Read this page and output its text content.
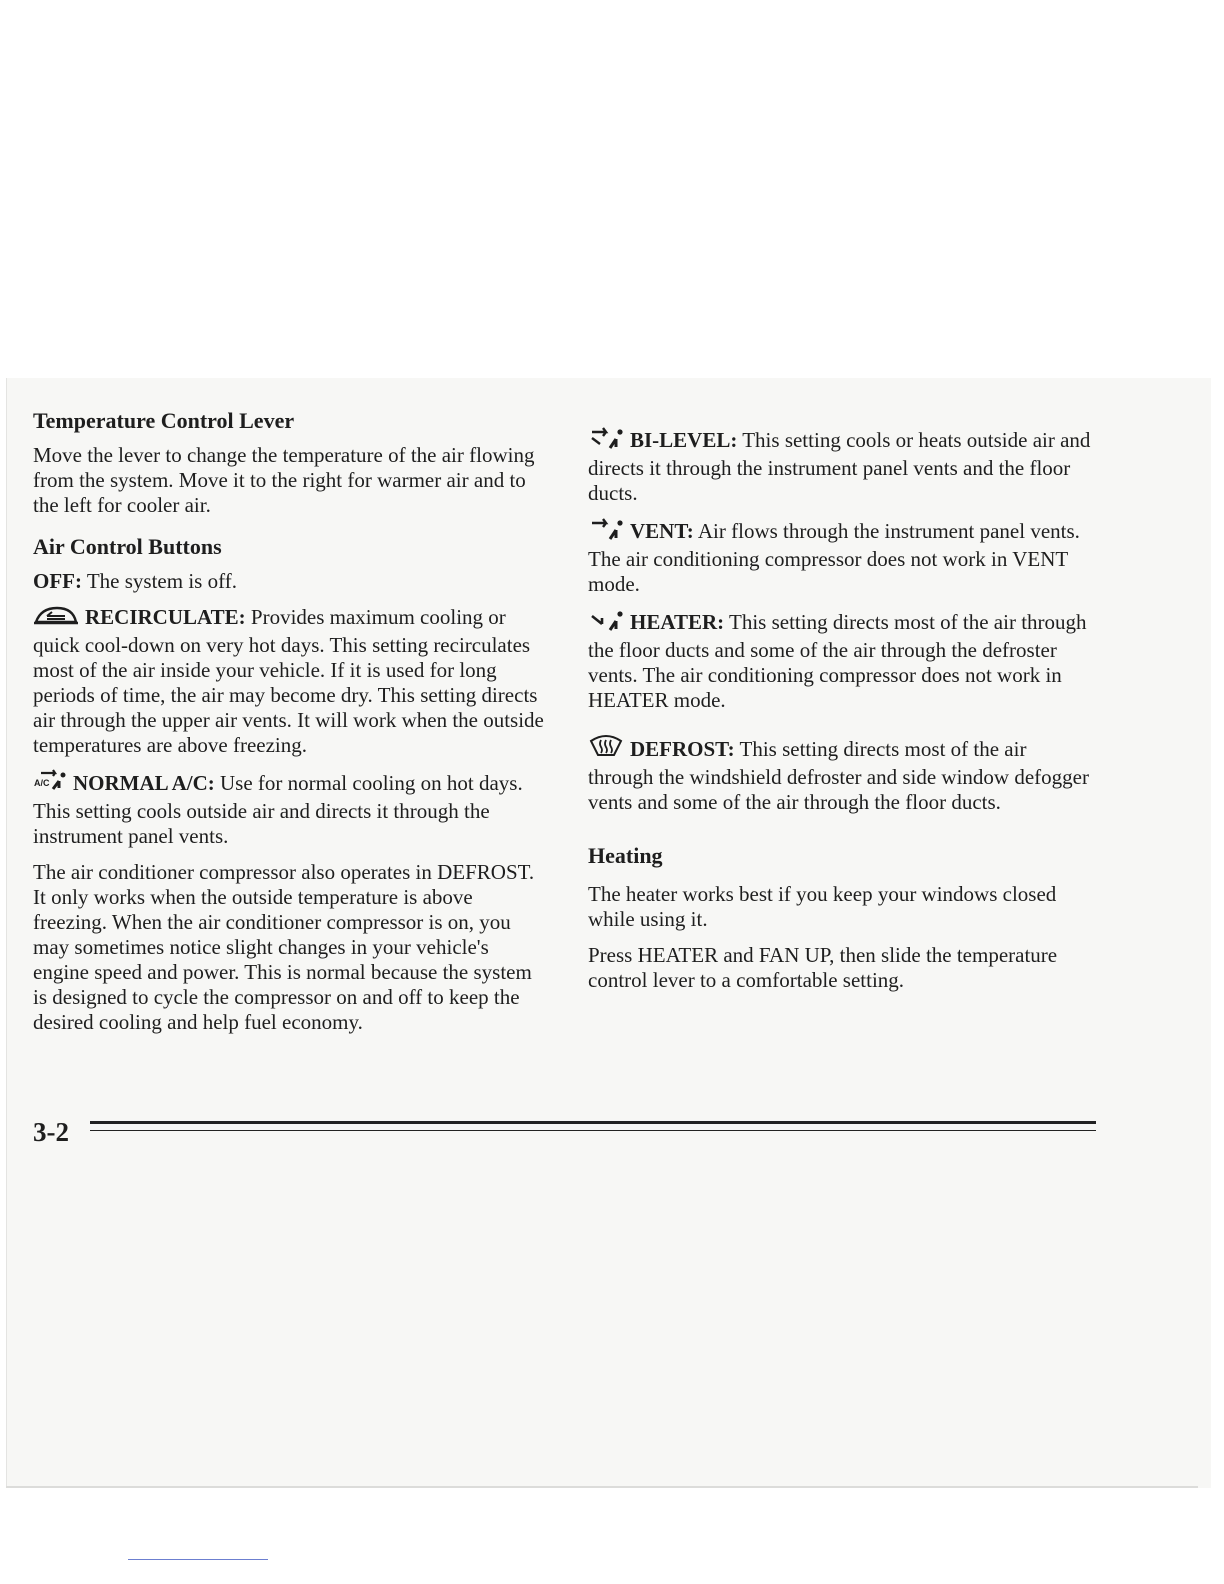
Temperature Control Lever

Move the lever to change the temperature of the air flowing from the system. Move it to the right for warmer air and to the left for cooler air.

Air Control Buttons

OFF: The system is off.

RECIRCULATE: Provides maximum cooling or quick cool-down on very hot days. This setting recirculates most of the air inside your vehicle. If it is used for long periods of time, the air may become dry. This setting directs air through the upper air vents. It will work when the outside temperatures are above freezing.

A/C NORMAL A/C: Use for normal cooling on hot days. This setting cools outside air and directs it through the instrument panel vents.

The air conditioner compressor also operates in DEFROST. It only works when the outside temperature is above freezing. When the air conditioner compressor is on, you may sometimes notice slight changes in your vehicle's engine speed and power. This is normal because the system is designed to cycle the compressor on and off to keep the desired cooling and help fuel economy.

BI-LEVEL: This setting cools or heats outside air and directs it through the instrument panel vents and the floor ducts.

VENT: Air flows through the instrument panel vents. The air conditioning compressor does not work in VENT mode.

HEATER: This setting directs most of the air through the floor ducts and some of the air through the defroster vents. The air conditioning compressor does not work in HEATER mode.

DEFROST: This setting directs most of the air through the windshield defroster and side window defogger vents and some of the air through the floor ducts.

Heating

The heater works best if you keep your windows closed while using it.

Press HEATER and FAN UP, then slide the temperature control lever to a comfortable setting.

3-2
